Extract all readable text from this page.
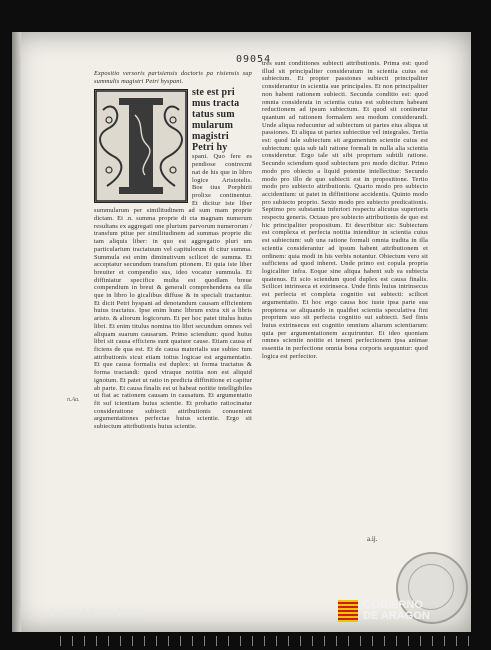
09054

Expositio versoris parisiensis doctoris pa risiensis sup summulis magistri Petri hyspani.

ste est pri

mus tracta

tatus sum

mularum

magistri

Petri hy

spani. Quo fere es pendiose contrecmi nat de his que in libro logice Aristotelis. Boe tius Porphirii prolixe continentur. Et dicitur iste liber summularum per similitudinem ad sum mam proprie dictam. Et .n. summa proprie di cta magnam numerum resultans ex aggregati one plurium parvorum numerorum / transfum ptiue per similitudinem ad summas proprie dic tam aliquis liber: in quo est aggregatio pluri um particularium tractatuum vel capitulorum di citur summa. Summula est enim diminutivum scilicet de summa. Et acceptatur secundum transfum ptionem. Et quia iste liber breuiter et compendio sus, ideo vocatur summula. Et diffiniatur specifice multa est quodlam breue compendium in breui & generali comprehendens ea illa que in libro lo gicalibus diffuse & in speciali tractantur. Et dicit Petri hyspani ad denotandum causam efficientem huius tractatus. Ipse enim hunc librum extra xit a libris aristo. & aliorum logicorum. Et per hoc patet titulus huius libri. Et enim titulus nomina tio libri secundum omnes vel aliquam suarum causarum. Primo sciendum: quod huius libri sit causa efficiens sunt quatuor cause. Etiam causa ef ficiens de qua est. Et de causa materialis sue subiec tum attributionis sicut etiam totius logicae est argumentatio. Et que causa formalis est duplex: ut forma tractatus & forma tractandi: quod vtraque notitia non est aliquid ignotum. Et patet ut ratio in predicta diffinitione et capitur ab parte. Et causa finalis est ut habeat notitie intelligibiles ut fiat ac rationem causam in causatum. Et argumentatio fit suf icientiam huius scientie. Et probatio ratiocinatur consideratione subiecti attributionis conuenient argumentationes perfectae huius scientie. Ergo sit subiectum attributionis huius scientie.

tres sunt conditiones subiecti attributionis. Prima est: quod illud sit principaliter consideratum in scientia cuius est subiectum. Et propter passiones subiecti principaliter considerantur in scientia sue principales. Et non principaliter non habent rationem subiecti. Secunda conditio est: quod omnia considerata in scientia cuius est subiectum habeant reductionem ad ipsum subiectum. Et quod sit continetur quantum ad rationem formalem seu modum considerandi. Unde aliqua reducuntur ad subiectum ut partes eius aliqua ut passiones. Et aliqua ut partes subiectiue vel integrales. Tertia est: quod tale subiectum sit argumentum scientie cuius est subiectum: quia sub tali ratione formali in nulla alia scientia consideretur. Ergo tale sit sibi proprium subtili ratione. Secundo sciendum quod subiectum pro modo dicitur. Primo modo pro obiecto a liquid potentie intellectiue: Secundo modo pro illo de quo subiecti est in propositione. Tertio modo pro subiecto attributionis. Quarto modo pro subiecto accidentium: ut patet in diffinitione accidentis. Quinto modo pro subiecto proprio. Sexto modo pro subiecto predicationis. Septimo pro substantia inferiori respectu alicuius superioris respectu generis. Octauo pro subiecto attributionis de quo est hic principaliter propositum. Et describitur sic: Subiectum est complexa et perfecta notitia intenditur in scientia cuius est subiectum: sub una ratione formali omnia tradita in illa scientia considerantur ad ipsum habent attributionem et ordinem: quia modi in his verbis notantur. Obiectum vero sit sufficiens ad quod inheret. Unde primo est copula propria logicaliter infra. Eoque sine aliqua habent sub ea subiecta quatenus. Et scio sciendum quod duplex est causa finalis. Scilicet intrinseca et extrinseca. Unde finis huius intrinsecus est perfecta et completa cognitio sui subiecti: scilicet argumentatio. Et hoc ergo causa hoc iuste ipsa parte sua propterea se aliquando in qualibet scientia speculativa fini proprium suo sit perfecta cognitio sui subiecti. Sed finis huius extrinsecus est cognitio omnium aliarum scientiarum: quia per argumentationem acquiruntur. Et ideo quoniam omnes scientie notitie et tenent perfectionem ipsa animae essentia in perfectione omnia bona corporis sequuntur: quod logica est perfectior.

n.Aa.
a.ij.
Juan Mora Insa	GOBIERNO
DE ARAGON
